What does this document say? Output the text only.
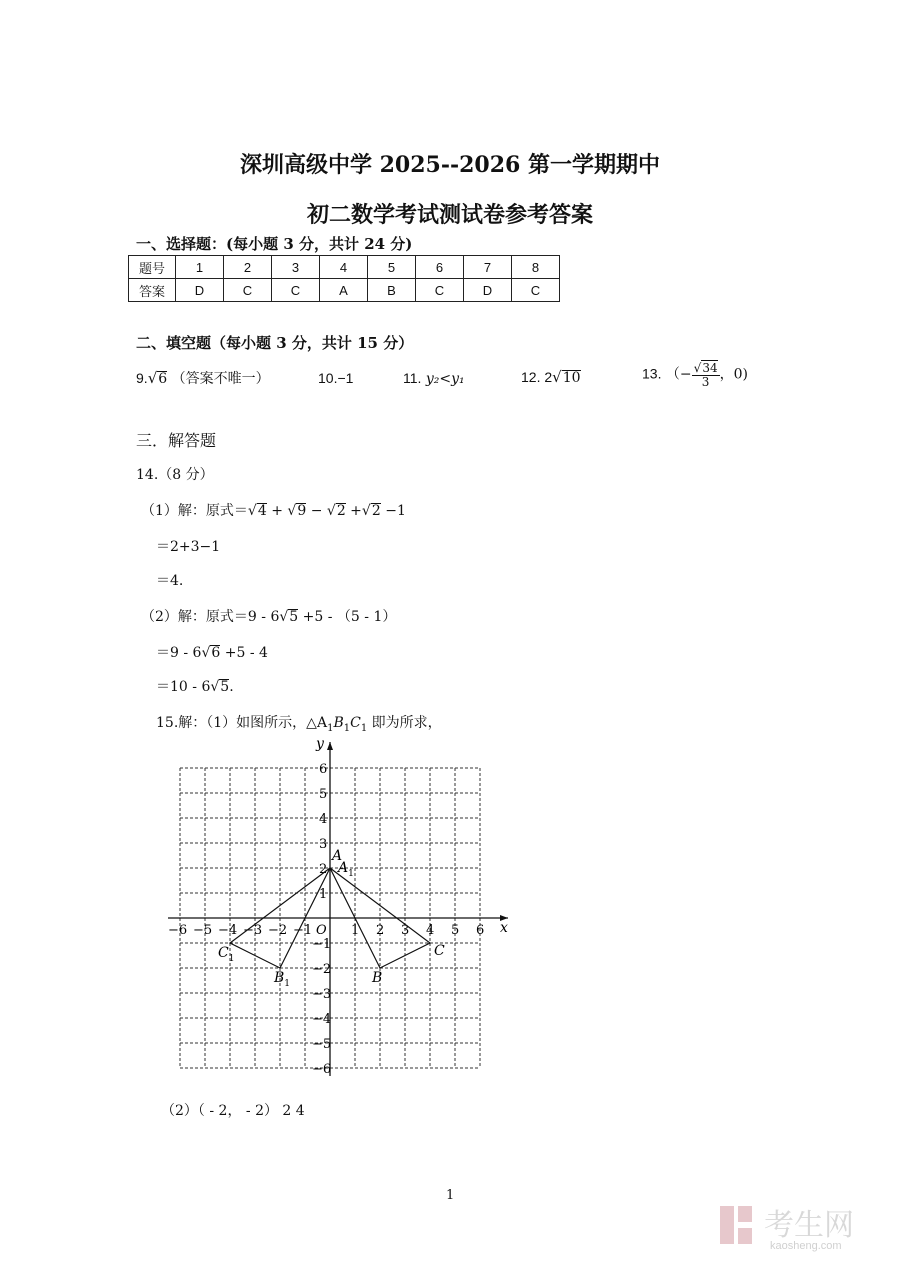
深圳高级中学 2025--2026 第一学期期中
初二数学考试测试卷参考答案
一、选择题：(每小题 3 分，共计 24 分)
题号	1	2	3	4	5	6	7	8
答案	D	C	C	A	B	C	D	C
二、填空题（每小题 3 分，共计 15 分）
9.√6 （答案不唯一）	10.−1	11. y₂<y₁	12. 2√10	13. （− $\frac{√34}{3}$ ，0)
三．解答题
14.（8 分）
（1）解：原式＝√4 + √9 − √2 +√2 −1
＝2+3−1
＝4.
（2）解：原式＝9 - 6√5 +5 - （5 - 1）
＝9 - 6√6 +5 - 4
＝10 - 6√5.
15.解：（1）如图所示，$\triangle A_1B_1C_1$ 即为所求，
x
y
O
−6 −5 −4 −3 −2 −1	1 2 3 4 5 6
6
5
4
3
2
1
−1
−2
−3
−4
−5
−6
A
B
C
$A_1$
$B_1$
$C_1$
（2）（ - 2， - 2） 2 4
1
考生网
kaosheng.com
